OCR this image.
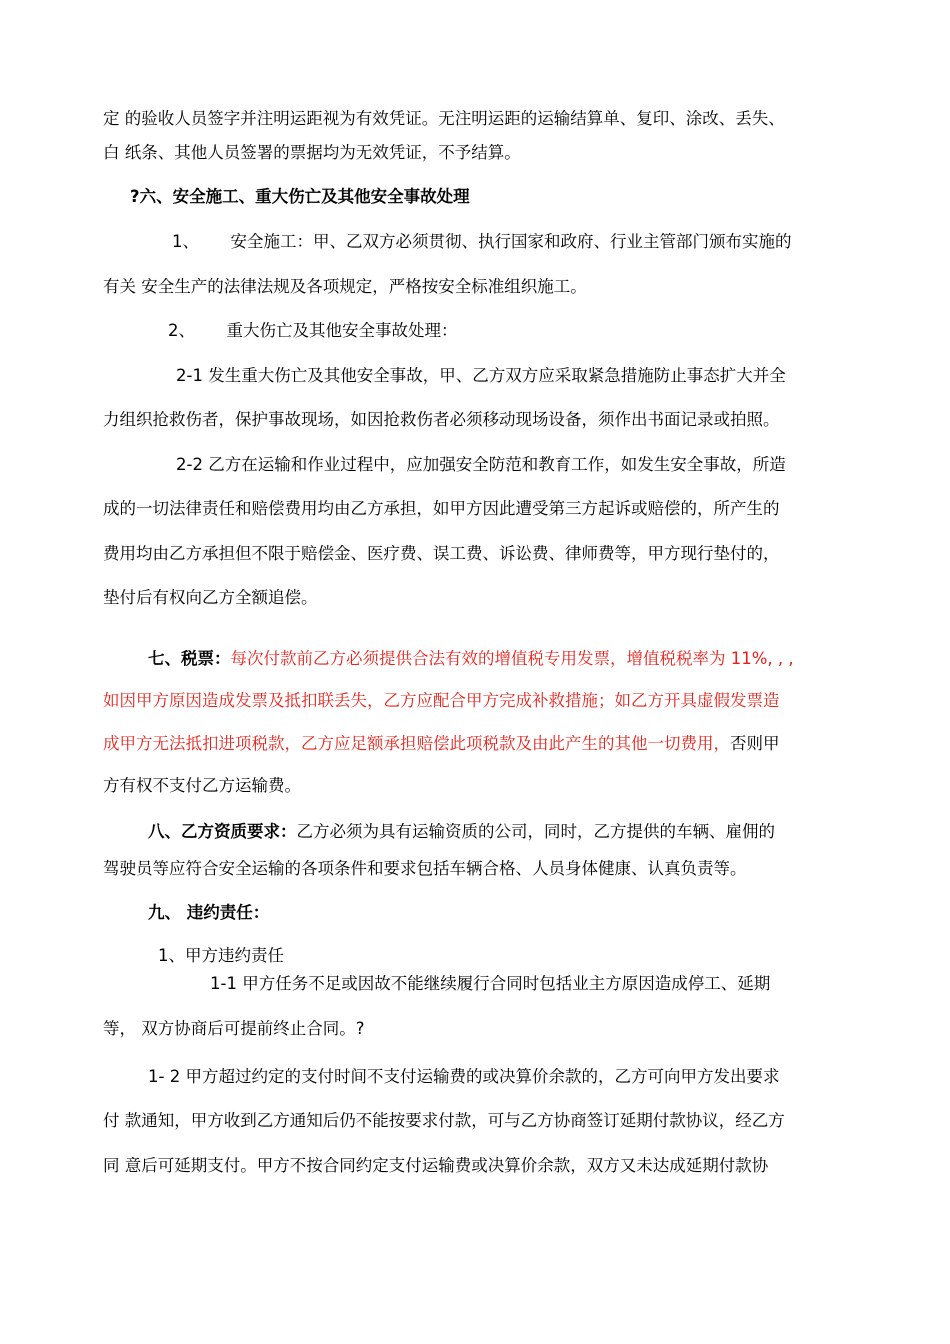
定 的验收人员签字并注明运距视为有效凭证。无注明运距的运输结算单、复印、涂改、丢失、
白 纸条、其他人员签署的票据均为无效凭证，不予结算。
?六、安全施工、重大伤亡及其他安全事故处理
1、      安全施工：甲、乙双方必须贯彻、执行国家和政府、行业主管部门颁布实施的
有关 安全生产的法律法规及各项规定，严格按安全标准组织施工。
2、      重大伤亡及其他安全事故处理：
2-1 发生重大伤亡及其他安全事故，甲、乙方双方应采取紧急措施防止事态扩大并全
力组织抢救伤者，保护事故现场，如因抢救伤者必须移动现场设备，须作出书面记录或拍照。
2-2 乙方在运输和作业过程中，应加强安全防范和教育工作，如发生安全事故，所造
成的一切法律责任和赔偿费用均由乙方承担，如甲方因此遭受第三方起诉或赔偿的，所产生的
费用均由乙方承担但不限于赔偿金、医疗费、误工费、诉讼费、律师费等，甲方现行垫付的，
垫付后有权向乙方全额追偿。
七、税票：每次付款前乙方必须提供合法有效的增值税专用发票，增值税税率为 11%, , ,
如因甲方原因造成发票及抵扣联丢失，乙方应配合甲方完成补救措施；如乙方开具虚假发票造
成甲方无法抵扣进项税款，乙方应足额承担赔偿此项税款及由此产生的其他一切费用，否则甲
方有权不支付乙方运输费。
八、乙方资质要求：乙方必须为具有运输资质的公司，同时，乙方提供的车辆、雇佣的
驾驶员等应符合安全运输的各项条件和要求包括车辆合格、人员身体健康、认真负责等。
九、 违约责任：
1、甲方违约责任
1-1 甲方任务不足或因故不能继续履行合同时包括业主方原因造成停工、延期
等， 双方协商后可提前终止合同。?
1- 2 甲方超过约定的支付时间不支付运输费的或决算价余款的，乙方可向甲方发出要求
付 款通知，甲方收到乙方通知后仍不能按要求付款，可与乙方协商签订延期付款协议，经乙方
同 意后可延期支付。甲方不按合同约定支付运输费或决算价余款，双方又未达成延期付款协
